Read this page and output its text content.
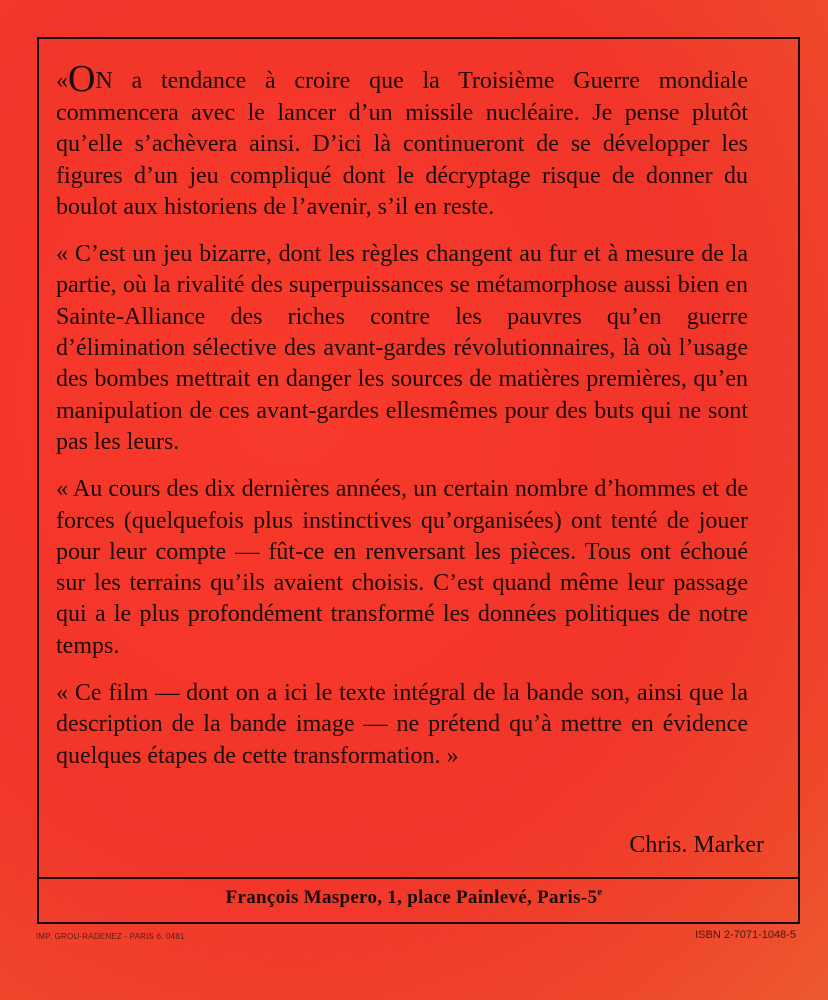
«ON a tendance à croire que la Troisième Guerre mondiale commencera avec le lancer d’un missile nucléaire. Je pense plutôt qu’elle s’achèvera ainsi. D’ici là continueront de se développer les figures d’un jeu compliqué dont le décryptage risque de donner du boulot aux historiens de l’avenir, s’il en reste.

« C’est un jeu bizarre, dont les règles changent au fur et à mesure de la partie, où la rivalité des superpuissances se métamorphose aussi bien en Sainte-Alliance des riches contre les pauvres qu’en guerre d’élimination sélective des avant-gardes révolutionnaires, là où l’usage des bombes mettrait en danger les sources de matières premières, qu’en manipulation de ces avant-gardes ellesmêmes pour des buts qui ne sont pas les leurs.

« Au cours des dix dernières années, un certain nombre d’hommes et de forces (quelquefois plus instinctives qu’organisées) ont tenté de jouer pour leur compte — fût-ce en renversant les pièces. Tous ont échoué sur les terrains qu’ils avaient choisis. C’est quand même leur passage qui a le plus profondément transformé les données politiques de notre temps.

« Ce film — dont on a ici le texte intégral de la bande son, ainsi que la description de la bande image — ne prétend qu’à mettre en évidence quelques étapes de cette transformation. »

Chris. Marker
François Maspero, 1, place Painlevé, Paris-5e
IMP. GROU-RADENEZ - PARIS 6. 0481	ISBN 2-7071-1048-5
